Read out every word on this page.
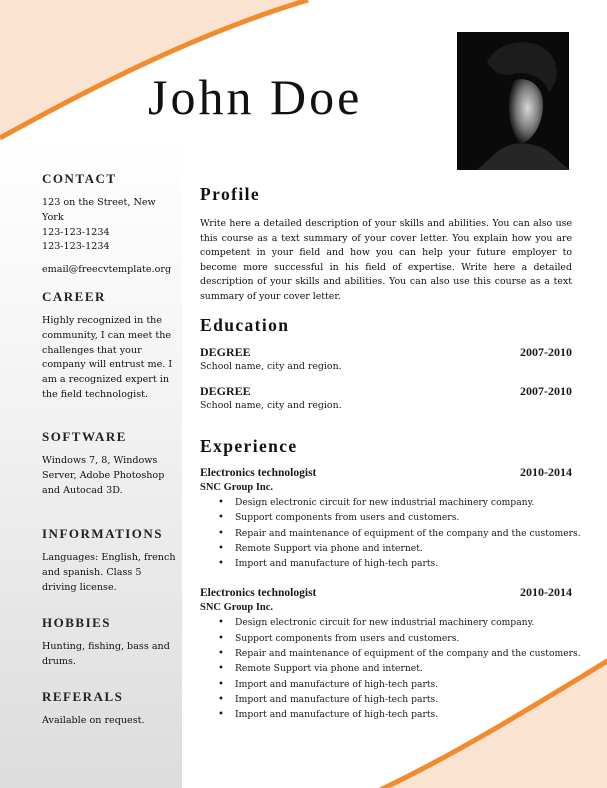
John Doe
CONTACT

123 on the Street, New York
123-123-1234
123-123-1234
email@freecvtemplate.org

CAREER

Highly recognized in the community, I can meet the challenges that your company will entrust me. I am a recognized expert in the field technologist.

SOFTWARE

Windows 7, 8, Windows Server, Adobe Photoshop and Autocad 3D.

INFORMATIONS

Languages: English, french and spanish. Class 5 driving license.

HOBBIES

Hunting, fishing, bass and drums.

REFERALS

Available on request.

Profile

Write here a detailed description of your skills and abilities. You can also use this course as a text summary of your cover letter. You explain how you are competent in your field and how you can help your future employer to become more successful in his field of expertise. Write here a detailed description of your skills and abilities. You can also use this course as a text summary of your cover letter.

Education
DEGREE	2007-2010

School name, city and region.

DEGREE	2007-2010

School name, city and region.

Experience
Electronics technologist	2010-2014

SNC Group Inc.

• Design electronic circuit for new industrial machinery company.
• Support components from users and customers.
• Repair and maintenance of equipment of the company and the customers.
• Remote Support via phone and internet.
• Import and manufacture of high-tech parts.
Electronics technologist	2010-2014

SNC Group Inc.

• Design electronic circuit for new industrial machinery company.
• Support components from users and customers.
• Repair and maintenance of equipment of the company and the customers.
• Remote Support via phone and internet.
• Import and manufacture of high-tech parts.
• Import and manufacture of high-tech parts.
• Import and manufacture of high-tech parts.
